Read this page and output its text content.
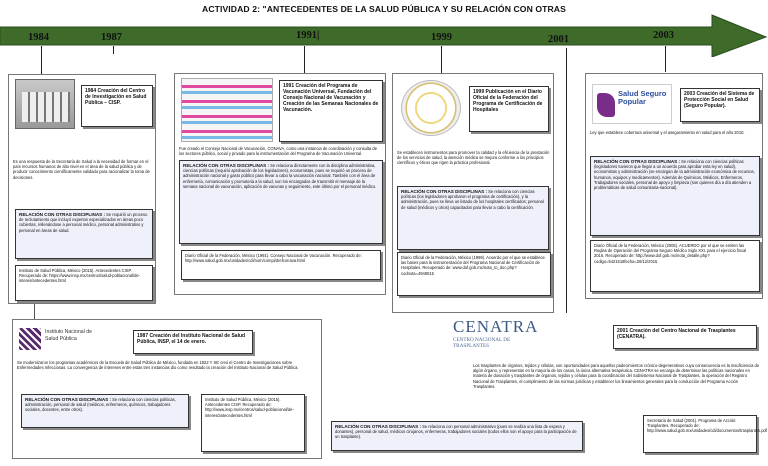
ACTIVIDAD 2: "ANTECEDENTES DE LA SALUD PÚBLICA Y SU RELACIÓN CON OTRAS
1984	1987	1991|	1999	2001	2003
1984 Creación del Centro de Investigación en Salud Pública – CISP.
Es una respuesta de la Secretaría de Salud a la necesidad de formar en el país recursos humanos de alto nivel en el área de la salud pública y de producir conocimiento científicamente validado para racionalizar la toma de decisiones.
RELACIÓN CON OTRAS DISCIPLINAS : Se requirió un proceso de reclutamiento que incluyó expertos especializados en áreas poco cubiertas, rellenándose a personal médico, personal administrativo y personal en áreas de salud.
Instituto de Salud Pública, México (2015). Antecedentes CISP. Recuperado de: https://www.insp.mx/centros/salud-poblacional/de-interes/antecedentes.html
1991 Creación del Programa de Vacunación Universal, Fundación del Consejo Nacional de Vacunación y Creación de las Semanas Nacionales de Vacunación.
Fue creado el Consejo Nacional de Vacunación, CONAVA, como una instancia de coordinación y consulta de los sectores público, social y privado para la instrumentación del Programa de Vacunación Universal.
RELACIÓN CON OTRAS DISCIPLINAS : Se relaciona directamente con la disciplina administrativa, ciencias políticas (requirió aprobación de los legisladores), economistas, pues se requirió un proceso de administración nacional y gasto público para llevar a cabo la vacunación nacional. También con el área de enfermería, comunicación y promotoria a la salud, son los encargados de transmitir el mensaje de la semana nacional de vacunación, aplicación de vacunas y seguimiento, este último por el personal médico.
Diario Oficial de la Federación, México (1991). Consejo Nacional de Vacunación. Recuperado de: http://www.salud.gob.mx/unidades/cdi/nom/compi/drefconava.html
1999 Publicación en el Diario Oficial de la Federación del Programa de Certificación de Hospitales
Se establecen instrumentos para promover la calidad y la eficiencia de la prestación de los servicios de salud, la atención médica se mejora conforme a los principios científicos y éticos que rigen la práctica profesional.
RELACIÓN CON OTRAS DISCIPLINAS : Se relaciona con ciencias políticas (los legisladores aprobaron el programa de certificación), y la administración, pues se lleva un listado de los hospitales certificados; personal de salud (médicos y otros) capacitados para llevar a cabo la certificación.
Diario Oficial de la Federación, México (1999). Acuerdo por el que se establece las bases para la instrumentación del Programa Nacional de Certificación de Hospitales. Recuperado de: www.dof.gob.mx/nota_to_doc.php?codnota=4948515
Salud Seguro Popular
2003 Creación del Sistema de Protección Social en Salud (Seguro Popular).
Ley que establece cobertura universal y el aseguramiento en salud para el año 2010.
RELACIÓN CON OTRAS DISCIPLINAS : Se relaciona con ciencias políticas (legisladores tuvieron que llegar a un acuerdo para aprobar esta ley en salud), economistas y administración (se encargan de la administración económica de recursos, humanos, equipos y medicamentos). Además de Químicos, Médicos, Enfermeros, Trabajadores sociales, personal de apoyo y limpieza (son quienes día a día atienden a problemáticas de salud comunitaria-nacional).
Diario Oficial de la Federación, México (2005). ACUERDO por el que se emiten las Reglas de Operación del Programa Seguro Médico Siglo XXI, para el ejercicio fiscal 2016. Recuperado de: http://www.dof.gob.mx/nota_detalle.php?codigo=5421518fecha=28/12/2015
Instituto Nacional de Salud Pública	1987 Creación del Instituto Nacional de Salud Pública, INSP, el 14 de enero.
Se modernizaron los programas académicos de la Escuela de Salud Pública de México, fundada en 1922 Y SE creó el Centro de Investigaciones sobre Enfermedades Infecciosas. La convergencia de intereses entre estas tres instancias dio como resultado la creación del Instituto Nacional de Salud Pública.
RELACIÓN CON OTRAS DISCIPLINAS : Se relaciona con ciencias políticas, administración, personal de salud (médicos, enfermeros, químicos, trabajadores sociales, docentes, entre otros).
Instituto de Salud Pública, México (2015). Antecedentes CISP. Recuperado de: http://www.insp.mx/centros/salud-poblacional/de-interes/antecedentes.html
CENATRA
CENTRO NACIONAL DE TRASPLANTES
2001 Creación del Centro Nacional de Trasplantes (CENATRA).
Los trasplantes de órganos, tejidos y células, son oportunidades para aquellos padecimientos crónico-degenerativos cuya consecuencia es la insuficiencia de algún órgano, y representan en la mayoría de los casos, la única alternativa terapéutica. CENATRA se encarga de determinar las políticas nacionales en materia de donación y trasplantes de órganos, tejidos y células para la coordinación del Subsistema Nacional de Trasplantes, la operación del Registro Nacional de Trasplantes, el cumplimiento de las normas jurídicas y establecer los lineamientos generales para la conducción del Programa Acción Trasplantes.
RELACIÓN CON OTRAS DISCIPLINAS : Se relaciona con personal administrativo (pues se realiza una lista de espera y donantes), personal de salud, médicos cirujanos, enfermeras, trabajadores sociales (todos ellos son el apoyo para la participación de un trasplante).
Secretaría de Salud (2001). Programa de Acción: Trasplantes. Recuperado de: http://www.salud.gob.mx/unidades/cdi/documentos/trasplantes.pdf
